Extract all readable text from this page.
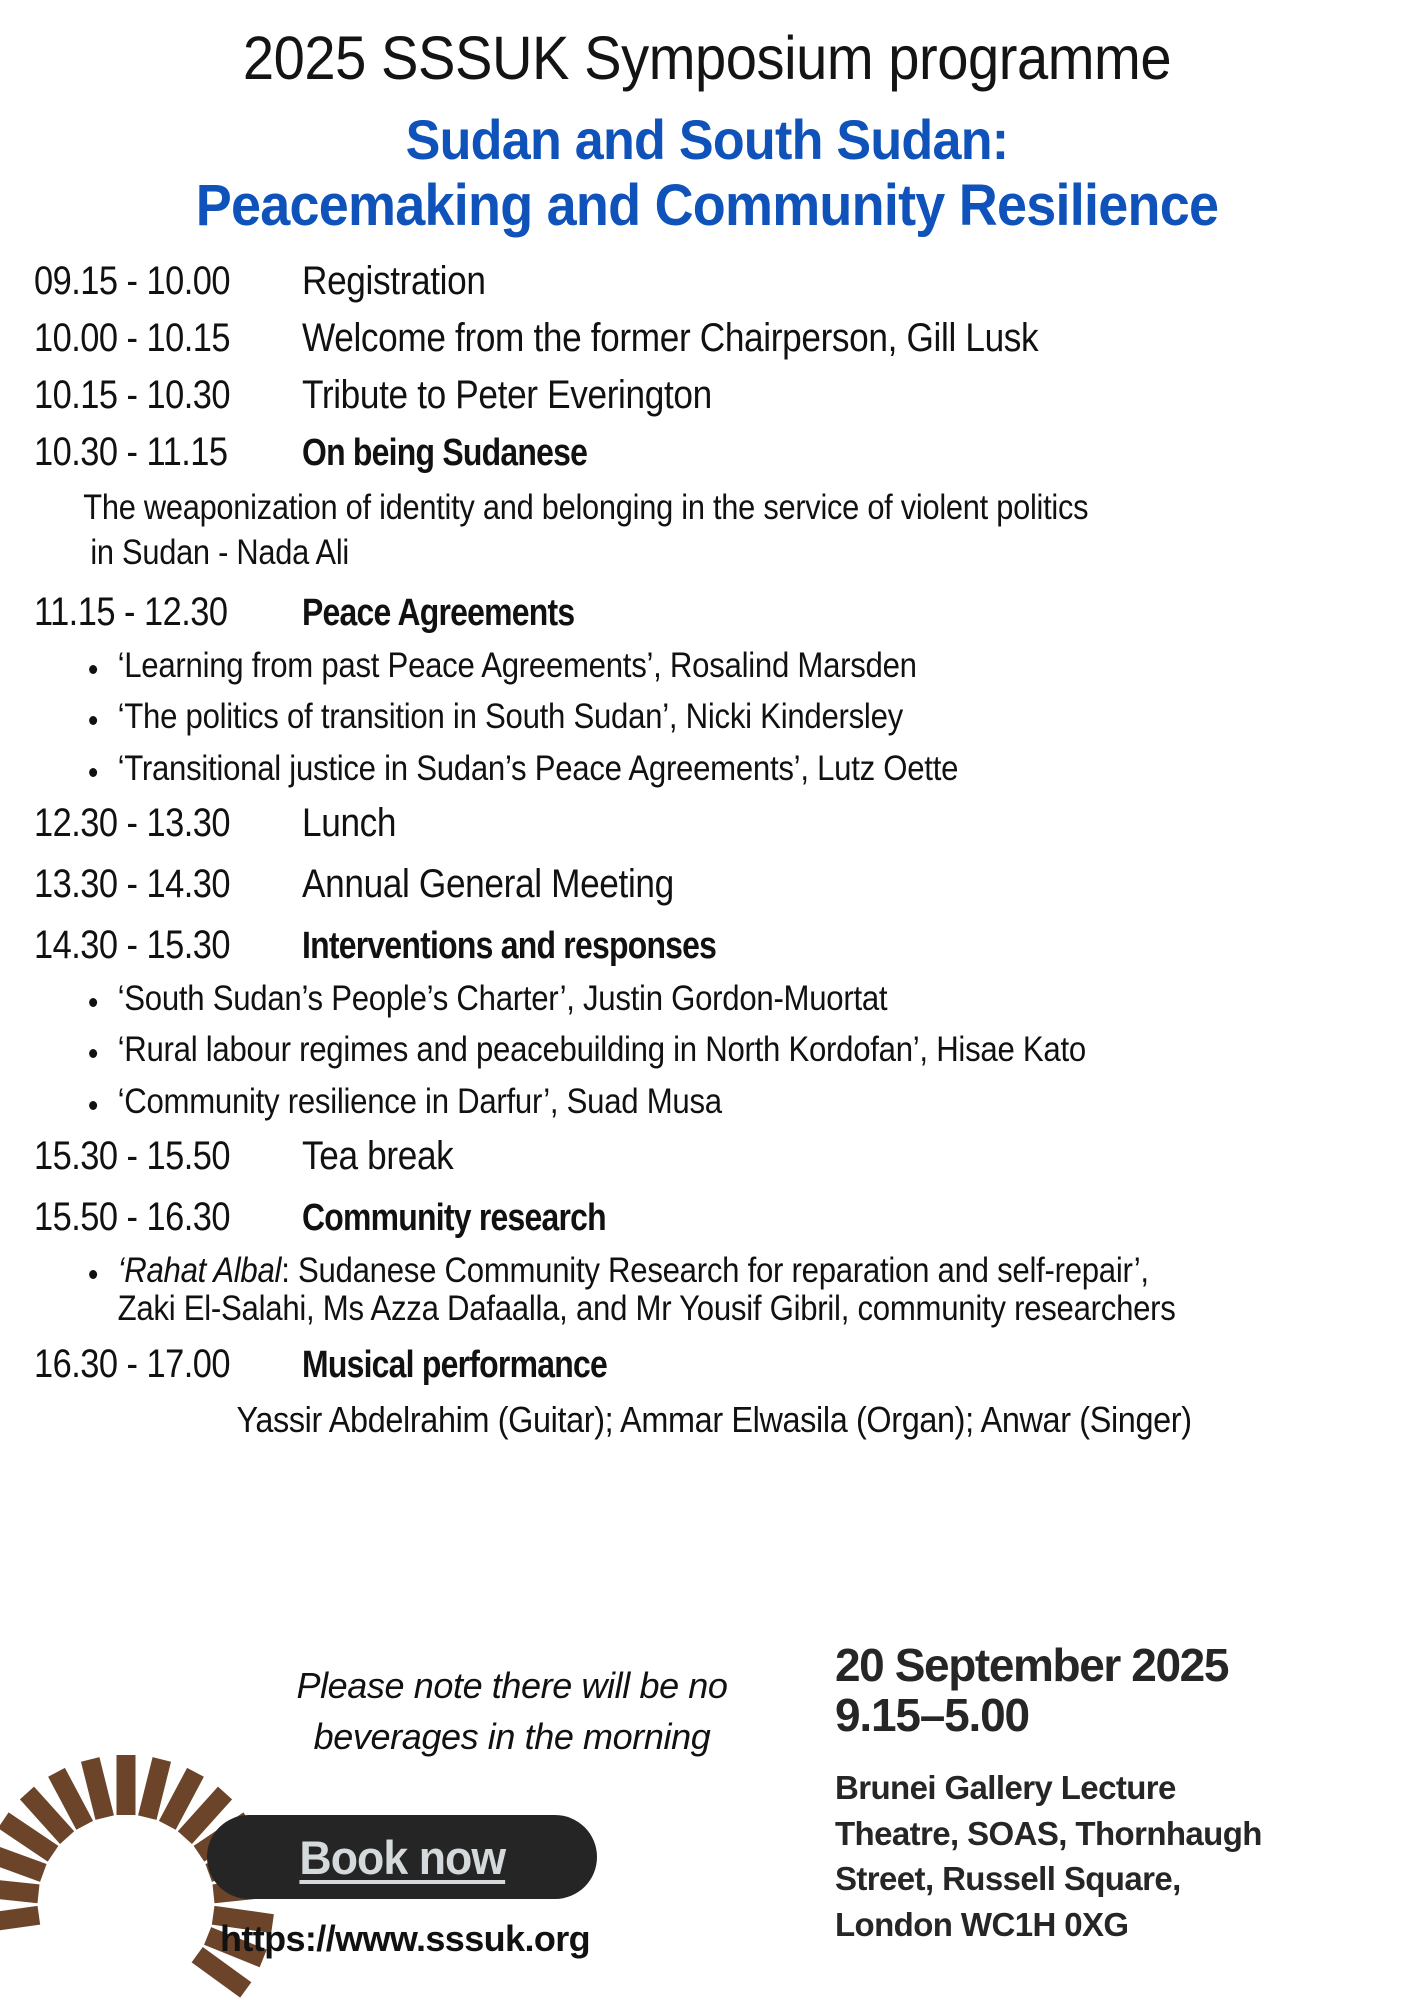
2025 SSSUK Symposium programme
Sudan and South Sudan:
Peacemaking and Community Resilience
09.15 - 10.00	Registration
10.00 - 10.15	Welcome from the former Chairperson, Gill Lusk
10.15 - 10.30	Tribute to Peter Everington
10.30 - 11.15	On being Sudanese
The weaponization of identity and belonging in the service of violent politics
in Sudan - Nada Ali
11.15 - 12.30	Peace Agreements
‘Learning from past Peace Agreements’, Rosalind Marsden
‘The politics of transition in South Sudan’, Nicki Kindersley
‘Transitional justice in Sudan’s Peace Agreements’, Lutz Oette
12.30 - 13.30	Lunch
13.30 - 14.30	Annual General Meeting
14.30 - 15.30	Interventions and responses
‘South Sudan’s People’s Charter’, Justin Gordon-Muortat
‘Rural labour regimes and peacebuilding in North Kordofan’, Hisae Kato
‘Community resilience in Darfur’, Suad Musa
15.30 - 15.50	Tea break
15.50 - 16.30	Community research
‘Rahat Albal: Sudanese Community Research for reparation and self-repair’,
Zaki El-Salahi, Ms Azza Dafaalla, and Mr Yousif Gibril, community researchers
16.30 - 17.00	Musical performance
Yassir Abdelrahim (Guitar); Ammar Elwasila (Organ); Anwar (Singer)
Please note there will be no
beverages in the morning
Book now
https://www.sssuk.org
20 September 2025
9.15–5.00
Brunei Gallery Lecture
Theatre, SOAS, Thornhaugh
Street, Russell Square,
London WC1H 0XG
